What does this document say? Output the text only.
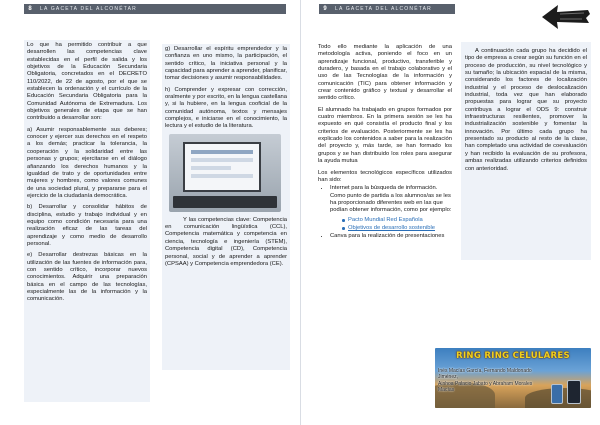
8	LA GACETA DEL ALCONÉTAR

Lo que ha permitido contribuir a que desarrollen las competencias clave establecidas en el perfil de salida y los objetivos de la Educación Secundaria Obligatoria, concretados en el DECRETO 110/2022, de 22 de agosto, por el que se establecen la ordenación y el currículo de la Educación Secundaria Obligatoria para la Comunidad Autónoma de Extremadura. Los objetivos generales de etapa que se han contribuido a desarrollar son:

a) Asumir responsablemente sus deberes; conocer y ejercer sus derechos en el respeto a los demás; practicar la tolerancia, la cooperación y la solidaridad entre las personas y grupos; ejercitarse en el diálogo afianzando los derechos humanos y la igualdad de trato y de oportunidades entre mujeres y hombres, como valores comunes de una sociedad plural, y prepararse para el ejercicio de la ciudadanía democrática.

b) Desarrollar y consolidar hábitos de disciplina, estudio y trabajo individual y en equipo como condición necesaria para una realización eficaz de las tareas del aprendizaje y como medio de desarrollo personal.

e) Desarrollar destrezas básicas en la utilización de las fuentes de información para, con sentido crítico, incorporar nuevos conocimientos. Adquirir una preparación básica en el campo de las tecnologías, especialmente las de la información y la comunicación.

g) Desarrollar el espíritu emprendedor y la confianza en uno mismo, la participación, el sentido crítico, la iniciativa personal y la capacidad para aprender a aprender, planificar, tomar decisiones y asumir responsabilidades.

h) Comprender y expresar con corrección, oralmente y por escrito, en la lengua castellana y, si la hubiere, en la lengua cooficial de la comunidad autónoma, textos y mensajes complejos, e iniciarse en el conocimiento, la lectura y el estudio de la literatura.

Y las competencias clave: Competencia en comunicación lingüística (CCL), Competencia matemática y competencia en ciencia, tecnología e ingeniería (STEM), Competencia digital (CD), Competencia personal, social y de aprender a aprender (CPSAA) y Competencia emprendedora (CE).

9	LA GACETA DEL ALCONÉTAR

Todo ello mediante la aplicación de una metodología activa, poniendo el foco en un aprendizaje funcional, productivo, transferible y duradero, y basada en el trabajo colaborativo y el uso de las Tecnologías de la información y comunicación (TIC) para obtener información y crear contenido gráfico y textual y desarrollar el sentido crítico.

El alumnado ha trabajado en grupos formados por cuatro miembros. En la primera sesión se les ha expuesto en qué consistía el producto final y los criterios de evaluación. Posteriormente se les ha explicado los contenidos a saber para la realización del proyecto y, más tarde, se han formado los grupos y se han distribuido los roles para asegurar la ayuda mutua

Los elementos tecnológicos específicos utilizados han sido:

• Internet para la búsqueda de información. Como punto de partida a los alumnos/as se les ha proporcionado diferentes web en las que podían obtener información, como por ejemplo:
Pacto Mundial Red Española
Objetivos de desarrollo sostenible
• Canva para la realización de presentaciones

A continuación cada grupo ha decidido el tipo de empresa a crear según su función en el proceso de producción, su nivel tecnológico y su tamaño; la ubicación espacial de la misma, considerando los factores de localización industrial y el proceso de deslocalización industrial, toda vez que han elaborado propuestas para lograr que su proyecto contribuya a lograr el ODS 9: construir infraestructuras resilientes, promover la industrialización sostenible y fomentar la innovación. Por último cada grupo ha presentado su producto al resto de la clase, han completado una actividad de coevaluación y han recibido la evaluación de su profesora, ambas realizadas utilizando criterios definidos con anterioridad.

RING RING CELULARES
Inés Macías García, Fernando Maldonado Jiménez,
Ainhoa Palacio Jabato y Abraham Morales Macías
